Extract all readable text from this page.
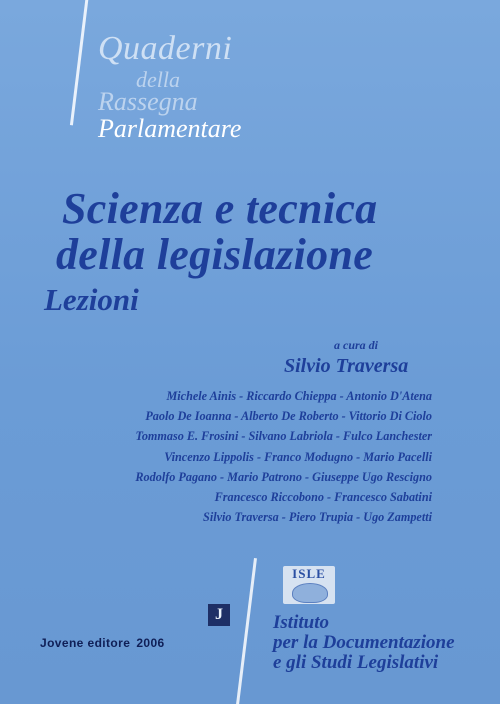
Quaderni
della
Rassegna
Parlamentare
Scienza e tecnica
della legislazione
Lezioni
a cura di
Silvio Traversa
Michele Ainis - Riccardo Chieppa - Antonio D'Atena
Paolo De Ioanna - Alberto De Roberto - Vittorio Di Ciolo
Tommaso E. Frosini - Silvano Labriola - Fulco Lanchester
Vincenzo Lippolis - Franco Modugno - Mario Pacelli
Rodolfo Pagano - Mario Patrono - Giuseppe Ugo Rescigno
Francesco Riccobono - Francesco Sabatini
Silvio Traversa - Piero Trupia - Ugo Zampetti
ISLE
Istituto
per la Documentazione
e gli Studi Legislativi
J
Jovene editore 2006
